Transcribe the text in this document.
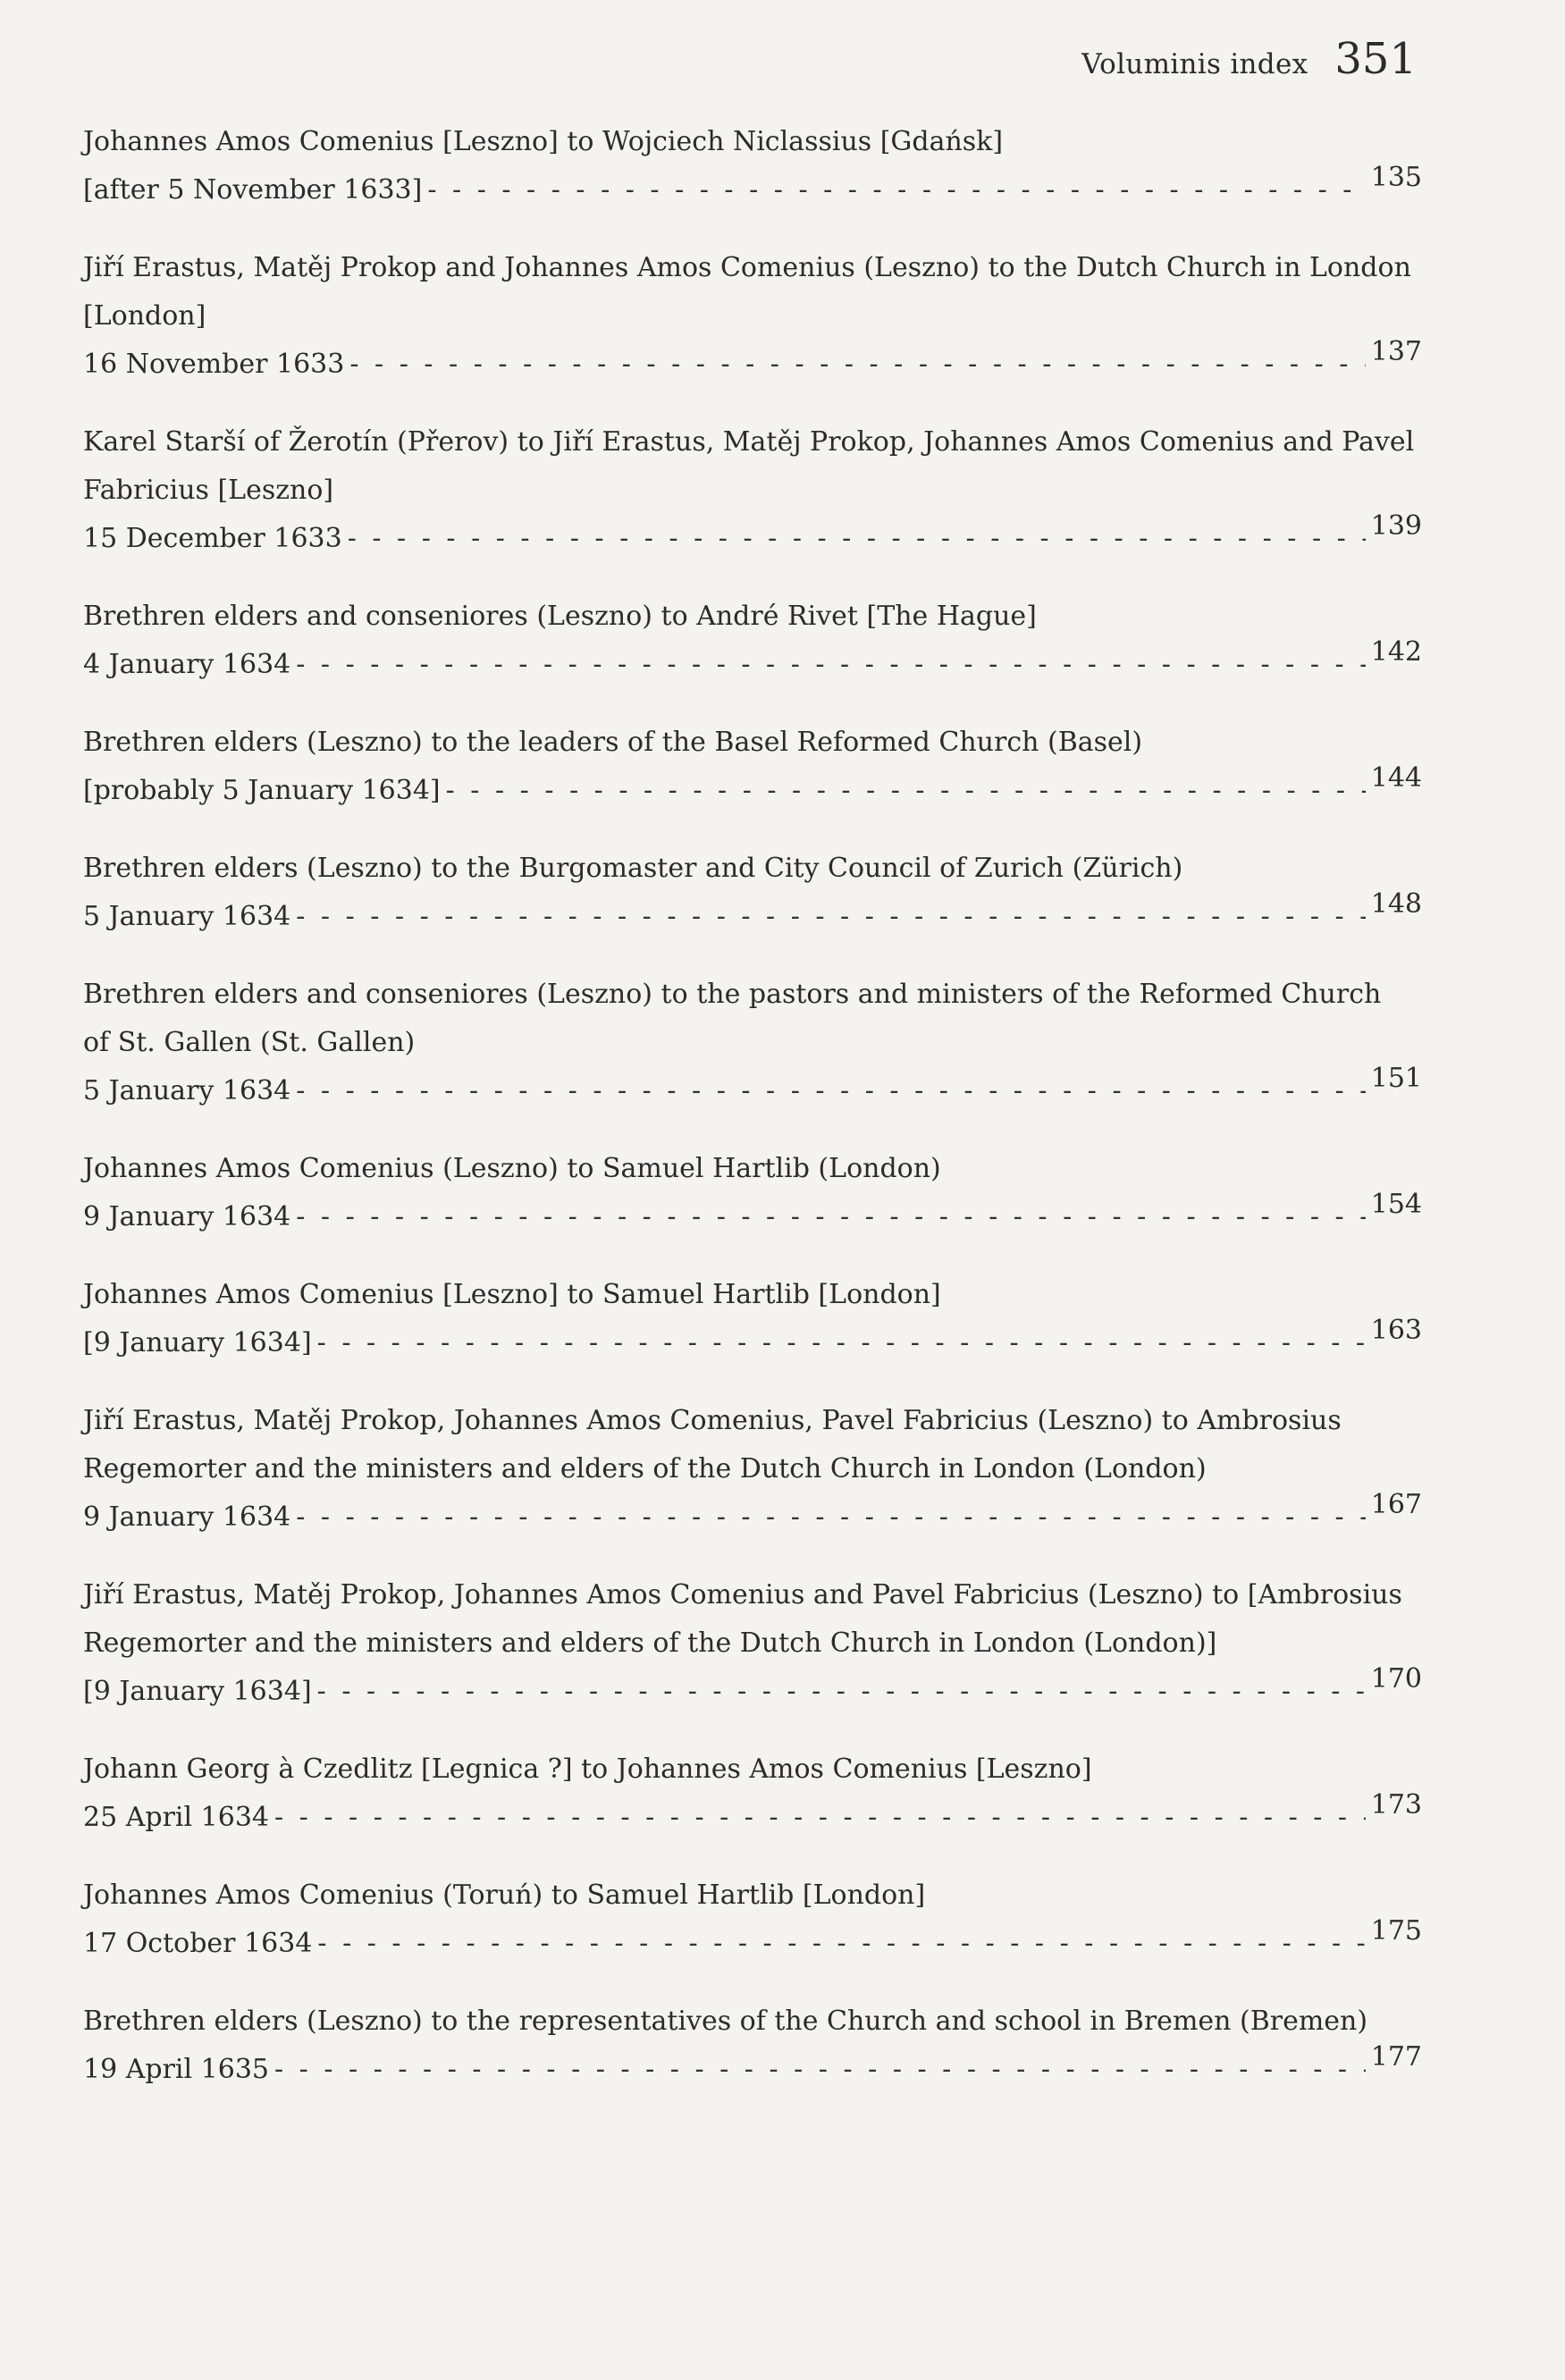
Voluminis index 351
Johannes Amos Comenius [Leszno] to Wojciech Niclassius [Gdańsk]
[after 5 November 1633] - - -	135
Jiří Erastus, Matěj Prokop and Johannes Amos Comenius (Leszno) to the Dutch Church in London
[London]
16 November 1633 - - -	137
Karel Starší of Žerotín (Přerov) to Jiří Erastus, Matěj Prokop, Johannes Amos Comenius and Pavel
Fabricius [Leszno]
15 December 1633 - - -	139
Brethren elders and conseniores (Leszno) to André Rivet [The Hague]
4 January 1634 - - -	142
Brethren elders (Leszno) to the leaders of the Basel Reformed Church (Basel)
[probably 5 January 1634] - - -	144
Brethren elders (Leszno) to the Burgomaster and City Council of Zurich (Zürich)
5 January 1634 - - -	148
Brethren elders and conseniores (Leszno) to the pastors and ministers of the Reformed Church
of St. Gallen (St. Gallen)
5 January 1634 - - -	151
Johannes Amos Comenius (Leszno) to Samuel Hartlib (London)
9 January 1634 - - -	154
Johannes Amos Comenius [Leszno] to Samuel Hartlib [London]
[9 January 1634] - - -	163
Jiří Erastus, Matěj Prokop, Johannes Amos Comenius, Pavel Fabricius (Leszno) to Ambrosius
Regemorter and the ministers and elders of the Dutch Church in London (London)
9 January 1634 - - -	167
Jiří Erastus, Matěj Prokop, Johannes Amos Comenius and Pavel Fabricius (Leszno) to [Ambrosius
Regemorter and the ministers and elders of the Dutch Church in London (London)]
[9 January 1634] - - -	170
Johann Georg à Czedlitz [Legnica ?] to Johannes Amos Comenius [Leszno]
25 April 1634 - - -	173
Johannes Amos Comenius (Toruń) to Samuel Hartlib [London]
17 October 1634 - - -	175
Brethren elders (Leszno) to the representatives of the Church and school in Bremen (Bremen)
19 April 1635 - - -	177
